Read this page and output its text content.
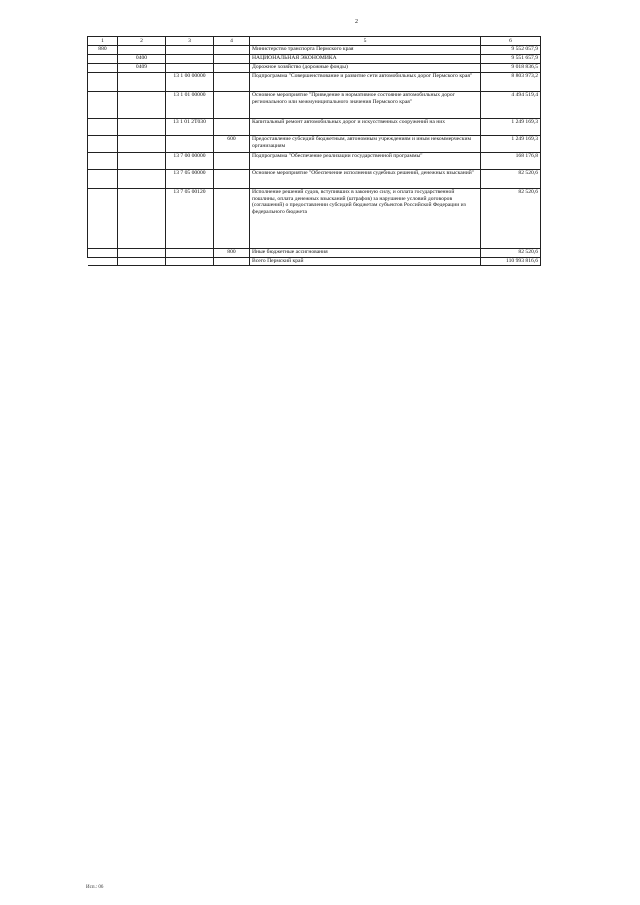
2
1	2	3	4	5	6
880				Министерство транспорта Пермского края	9 552 057,9
	0400			НАЦИОНАЛЬНАЯ ЭКОНОМИКА	9 551 657,9
	0409			Дорожное хозяйство (дорожные фонды)	9 018 836,5
		13 1 00 00000		Подпрограмма "Совершенствование и развитие сети автомобильных дорог Пермского края"	8 803 973,2
		13 1 01 00000		Основное мероприятие "Приведение в нормативное состояние автомобильных дорог регионального или межмуниципального значения Пермского края"	4 494 519,4
		13 1 01 2Т030		Капитальный ремонт автомобильных дорог и искусственных сооружений на них	1 249 169,3
			600	Предоставление субсидий бюджетным, автономным учреждениям и иным некоммерческим организациям	1 249 169,3
		13 7 00 00000		Подпрограмма "Обеспечение реализации государственной программы"	168 176,8
		13 7 05 00000		Основное мероприятие "Обеспечение исполнения судебных решений, денежных взысканий"	82 520,6
		13 7 05 00120		Исполнение решений судов, вступивших в законную силу, и оплата государственной пошлины, оплата денежных взысканий (штрафов) за нарушение условий договоров (соглашений) о предоставлении субсидий бюджетам субъектов Российской Федерации из федерального бюджета	82 520,6
			800	Иные бюджетные ассигнования	82 520,6
				Всего Пермский край	110 993 816,6
Исп.: 06
